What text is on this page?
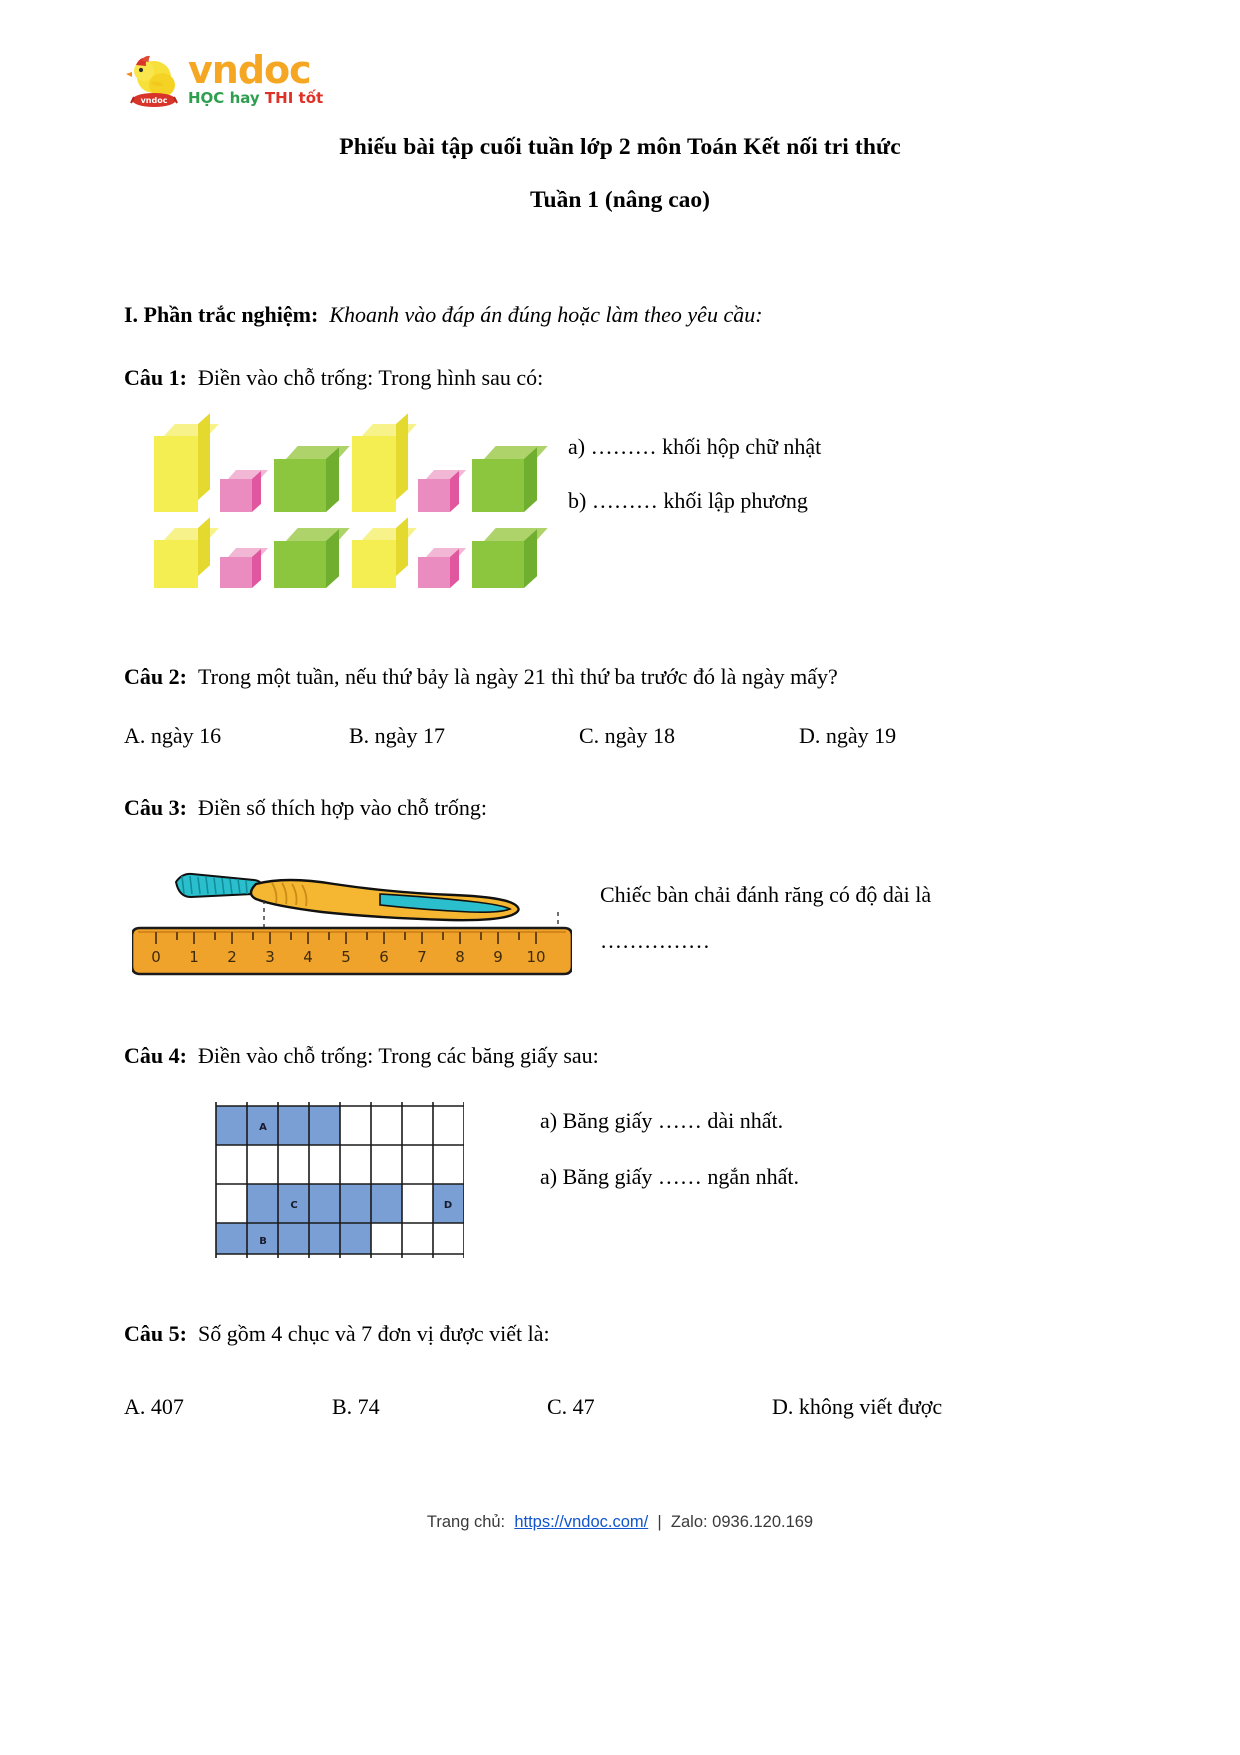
vndoc
vndoc
HỌC hay THI tốt
Phiếu bài tập cuối tuần lớp 2 môn Toán Kết nối tri thức
Tuần 1 (nâng cao)

I. Phần trắc nghiệm: Khoanh vào đáp án đúng hoặc làm theo yêu cầu:

Câu 1: Điền vào chỗ trống: Trong hình sau có:

a) ……… khối hộp chữ nhật
b) ……… khối lập phương

Câu 2: Trong một tuần, nếu thứ bảy là ngày 21 thì thứ ba trước đó là ngày mấy?

A. ngày 16	B. ngày 17	C. ngày 18	D. ngày 19

Câu 3: Điền số thích hợp vào chỗ trống:

0 1 2 3 4 5 6 7 8 9 10
Chiếc bàn chải đánh răng có độ dài là
……………

Câu 4: Điền vào chỗ trống: Trong các băng giấy sau:

A
C	D
B
a) Băng giấy …… dài nhất.
a) Băng giấy …… ngắn nhất.

Câu 5: Số gồm 4 chục và 7 đơn vị được viết là:

A. 407	B. 74	C. 47	D. không viết được
Trang chủ: https://vndoc.com/ | Zalo: 0936.120.169
